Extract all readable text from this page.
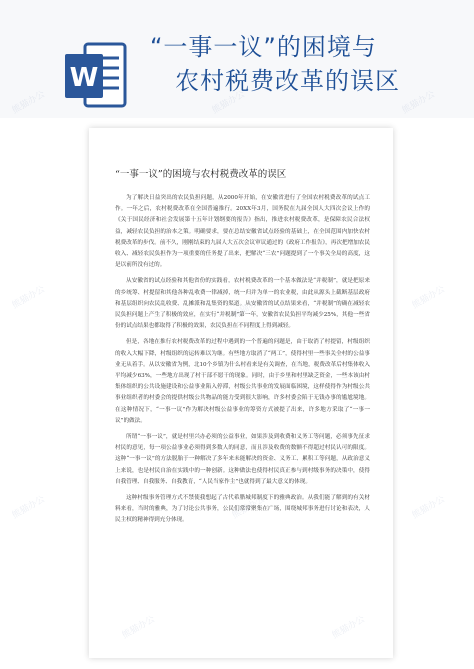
W
“一事一议”的困境与
农村税费改革的误区
“一事一议”的困境与农村税费改革的误区

为了解决日益突出的农民负担问题，从2000年开始，在安徽省进行了全国农村税费改革的试点工作。一年之后，农村税费改革在全国普遍推行。20XX年3月，国务院在九届全国人大四次会议上作的《关于国民经济和社会发展第十五年计划纲要的报告》指出，推进农村税费改革，是保障农民合法权益，减轻农民负担的治本之策。明确要求，要在总结安徽省试点经验的基础上，在全国范围内加快农村税费改革的步伐。前不久，刚刚结束的九届人大五次会议审议通过的《政府工作报告》，再次把增加农民收入、减轻农民负担作为一项重要的任务提了出来，把解决“三农”问题提到了一个事关全局的高度，这是以前所没有过的。

从安徽省的试点经验和其他省份的实践看，农村税费改革的一个基本做法是“并税制”，就是把原来的乡统筹、村提留和其他各种乱收费一律减掉，统一归并为单一的农业税，由此从源头上截断基层政府和基层组织向农民乱收费、乱摊派和乱集资的渠道。从安徽省的试点结果来看，“并税制”的确在减轻农民负担问题上产生了积极的效应，在实行“并税制”第一年，安徽省农民负担平均减少25%，其他一些省份的试点结果也都取得了积极的效果，农民负担在不同程度上得到减轻。

但是，各地在推行农村税费改革的过程中遇到的一个普遍的问题是，由于取消了村提留，村级组织的收入大幅下降，村级组织的运转难以为继。有些地方取消了“两工”，使得村里一些事关全村的公益事业无从着手。从以安徽省为例，北10个乡镇为什么村看来是有关调查，在当地，税费改革后村集体收入平均减少63%，一些地方出现了村干部不愿干的现象。同时，由于乡里和村里缺乏资金，一些本该由村集体组织的公共设施建设和公益事业陷入停滞，村级公共事业的发展面临困境，这样使得作为村级公共事业组织者的村委会的提供村级公共物品的能力受到很大影响，许多村委会陷于无钱办事的尴尬境地。在这种情况下，“一事一议”作为解决村级公益事业的筹资方式被提了出来，许多地方采取了“一事一议”的做法。

所谓“一事一议”，就是村里兴办必须的公益事业，如果涉及到收费和义务工等问题，必须事先征求村民的意见，每一项公益事业必须得到多数人的同意，而且涉及收费的数额不得超过村民认可的限度。这种“一事一议”的方法脱胎于一种解决了多年来未能解决的资金、义务工、累积工等问题，从政治意义上来说，也是村民自治在实践中的一种创新。这种做法也使得村民真正参与到村级事务的决策中，使得自我管理、自我服务、自我教育，“人民当家作主”也就得到了最大意义的体现。

这种村级事务管理方式不禁使我想起了古代希腊城邦制度下的雅典政治。从我们能了解到的有关材料来看，当时的雅典，为了讨论公共事务，公民们常常聚集在广场，围绕城邦事务进行讨论和表决，人民主权的精神得到充分体现。

熊猫办公	熊猫办公
熊猫办公	熊猫办公
